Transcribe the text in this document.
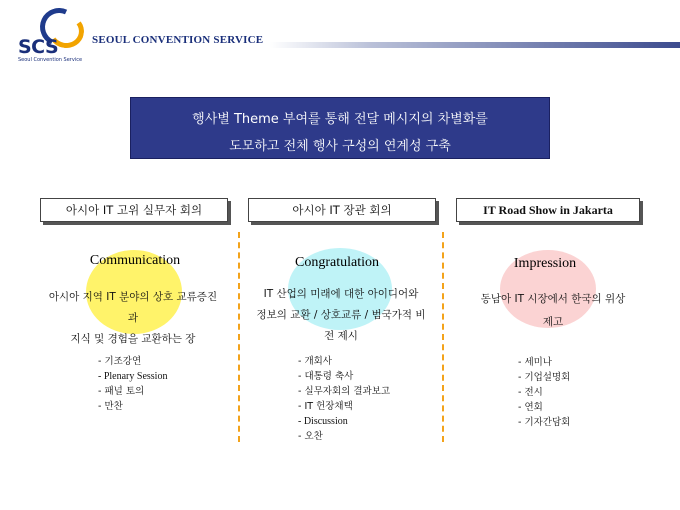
SCS
Seoul Convention Service
SEOUL CONVENTION SERVICE
행사별 Theme 부여를 통해 전달 메시지의 차별화를
도모하고 전체 행사 구성의 연계성 구축
아시아 IT 고위 실무자 회의	아시아 IT 장관 회의	IT Road Show in Jakarta
Communication	Congratulation	Impression
아시아 지역 IT 분야의 상호 교류증진
과
지식 및 경험을 교환하는 장
IT 산업의 미래에 대한 아이디어와
정보의 교환 / 상호교류 / 범국가적 비
전 제시
동남아 IT 시장에서 한국의 위상
제고
- 기조강연
- Plenary Session
- 패널 토의
- 만찬
- 개회사
- 대통령 축사
- 실무자회의 결과보고
- IT 헌장채택
- Discussion
- 오찬
- 세미나
- 기업설명회
- 전시
- 연회
- 기자간담회
